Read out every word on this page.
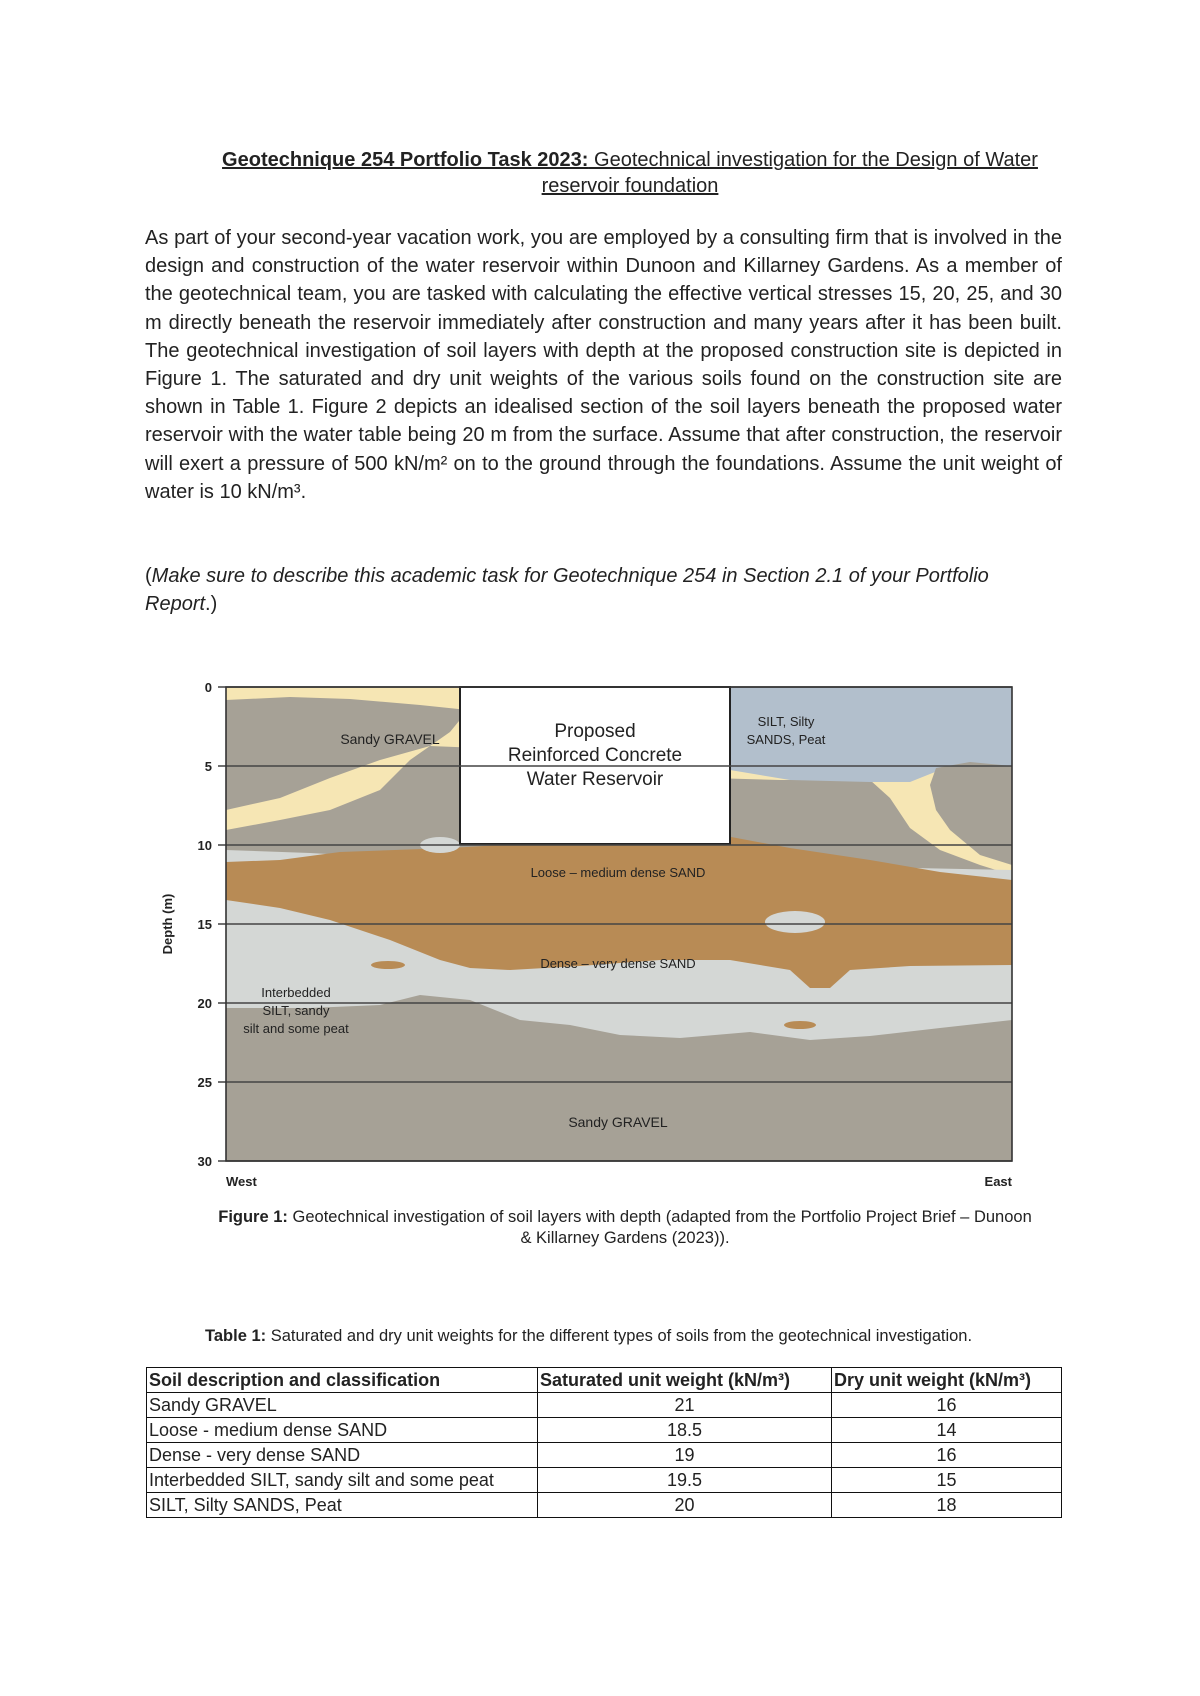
Geotechnique 254 Portfolio Task 2023: Geotechnical investigation for the Design of Water reservoir foundation

As part of your second-year vacation work, you are employed by a consulting firm that is involved in the design and construction of the water reservoir within Dunoon and Killarney Gardens. As a member of the geotechnical team, you are tasked with calculating the effective vertical stresses 15, 20, 25, and 30 m directly beneath the reservoir immediately after construction and many years after it has been built. The geotechnical investigation of soil layers with depth at the proposed construction site is depicted in Figure 1. The saturated and dry unit weights of the various soils found on the construction site are shown in Table 1. Figure 2 depicts an idealised section of the soil layers beneath the proposed water reservoir with the water table being 20 m from the surface. Assume that after construction, the reservoir will exert a pressure of 500 kN/m² on to the ground through the foundations. Assume the unit weight of water is 10 kN/m³.

(Make sure to describe this academic task for Geotechnique 254 in Section 2.1 of your Portfolio Report.)

Proposed
Reinforced Concrete
Water Reservoir
Sandy GRAVEL
SILT, Silty
SANDS, Peat
Loose – medium dense SAND
Dense – very dense SAND
Interbedded
SILT, sandy
silt and some peat
Sandy GRAVEL
0
5
10
15
20
25
30
Depth (m)
West	East
Figure 1: Geotechnical investigation of soil layers with depth (adapted from the Portfolio Project Brief – Dunoon & Killarney Gardens (2023)).
Table 1: Saturated and dry unit weights for the different types of soils from the geotechnical investigation.
Soil description and classification	Saturated unit weight (kN/m³)	Dry unit weight (kN/m³)
Sandy GRAVEL	21	16
Loose - medium dense SAND	18.5	14
Dense - very dense SAND	19	16
Interbedded SILT, sandy silt and some peat	19.5	15
SILT, Silty SANDS, Peat	20	18
